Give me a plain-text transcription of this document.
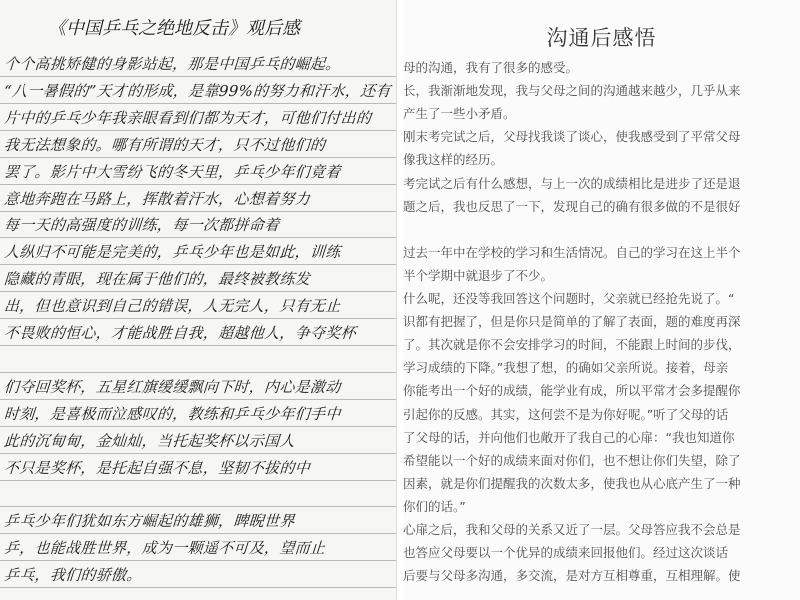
《中国乒乓之绝地反击》观后感
个个高挑矫健的身影站起，那是中国乒乓的崛起。
“八一暑假的”天才的形成，是靠99%的努力和汗水，还有
片中的乒乓少年我亲眼看到们都为天才，可他们付出的
我无法想象的。哪有所谓的天才，只不过他们的
罢了。影片中大雪纷飞的冬天里，乒乓少年们竟着
意地奔跑在马路上，挥散着汗水，心想着努力
每一天的高强度的训练，每一次都拼命着
人纵归不可能是完美的，乒乓少年也是如此，训练
隐藏的青眼，现在属于他们的，最终被教练发
出，但也意识到自己的错误，人无完人，只有无止
不畏败的恒心，才能战胜自我，超越他人，争夺奖杯
们夺回奖杯，五星红旗缓缓飘向下时，内心是激动
时刻，是喜极而泣感叹的，教练和乒乓少年们手中
此的沉甸甸，金灿灿，当托起奖杯以示国人
不只是奖杯，是托起自强不息，坚韧不拔的中
乒乓少年们犹如东方崛起的雄狮，睥睨世界
乒，也能战胜世界，成为一颗遥不可及，望而止
乒乓，我们的骄傲。
沟通后感悟
母的沟通，我有了很多的感受。
长，我渐渐地发现，我与父母之间的沟通越来越少，几乎从来
产生了一些小矛盾。
刚末考完试之后，父母找我谈了谈心，使我感受到了平常父母
像我这样的经历。
考完试之后有什么感想，与上一次的成绩相比是进步了还是退
题之后，我也反思了一下，发现自己的确有很多做的不是很好
过去一年中在学校的学习和生活情况。自己的学习在这上半个
半个学期中就退步了不少。
什么呢，还没等我回答这个问题时，父亲就已经抢先说了。“
识都有把握了，但是你只是简单的了解了表面，题的难度再深
了。其次就是你不会安排学习的时间，不能跟上时间的步伐，
学习成绩的下降。”我想了想，的确如父亲所说。接着，母亲
你能考出一个好的成绩，能学业有成，所以平常才会多提醒你
引起你的反感。其实，这何尝不是为你好呢。”听了父母的话
了父母的话，并向他们也敞开了我自己的心扉：“我也知道你
希望能以一个好的成绩来面对你们，也不想让你们失望，除了
因素，就是你们提醒我的次数太多，使我也从心底产生了一种
你们的话。”
心扉之后，我和父母的关系又近了一层。父母答应我不会总是
也答应父母要以一个优异的成绩来回报他们。经过这次谈话
后要与父母多沟通，多交流，是对方互相尊重，互相理解。使
